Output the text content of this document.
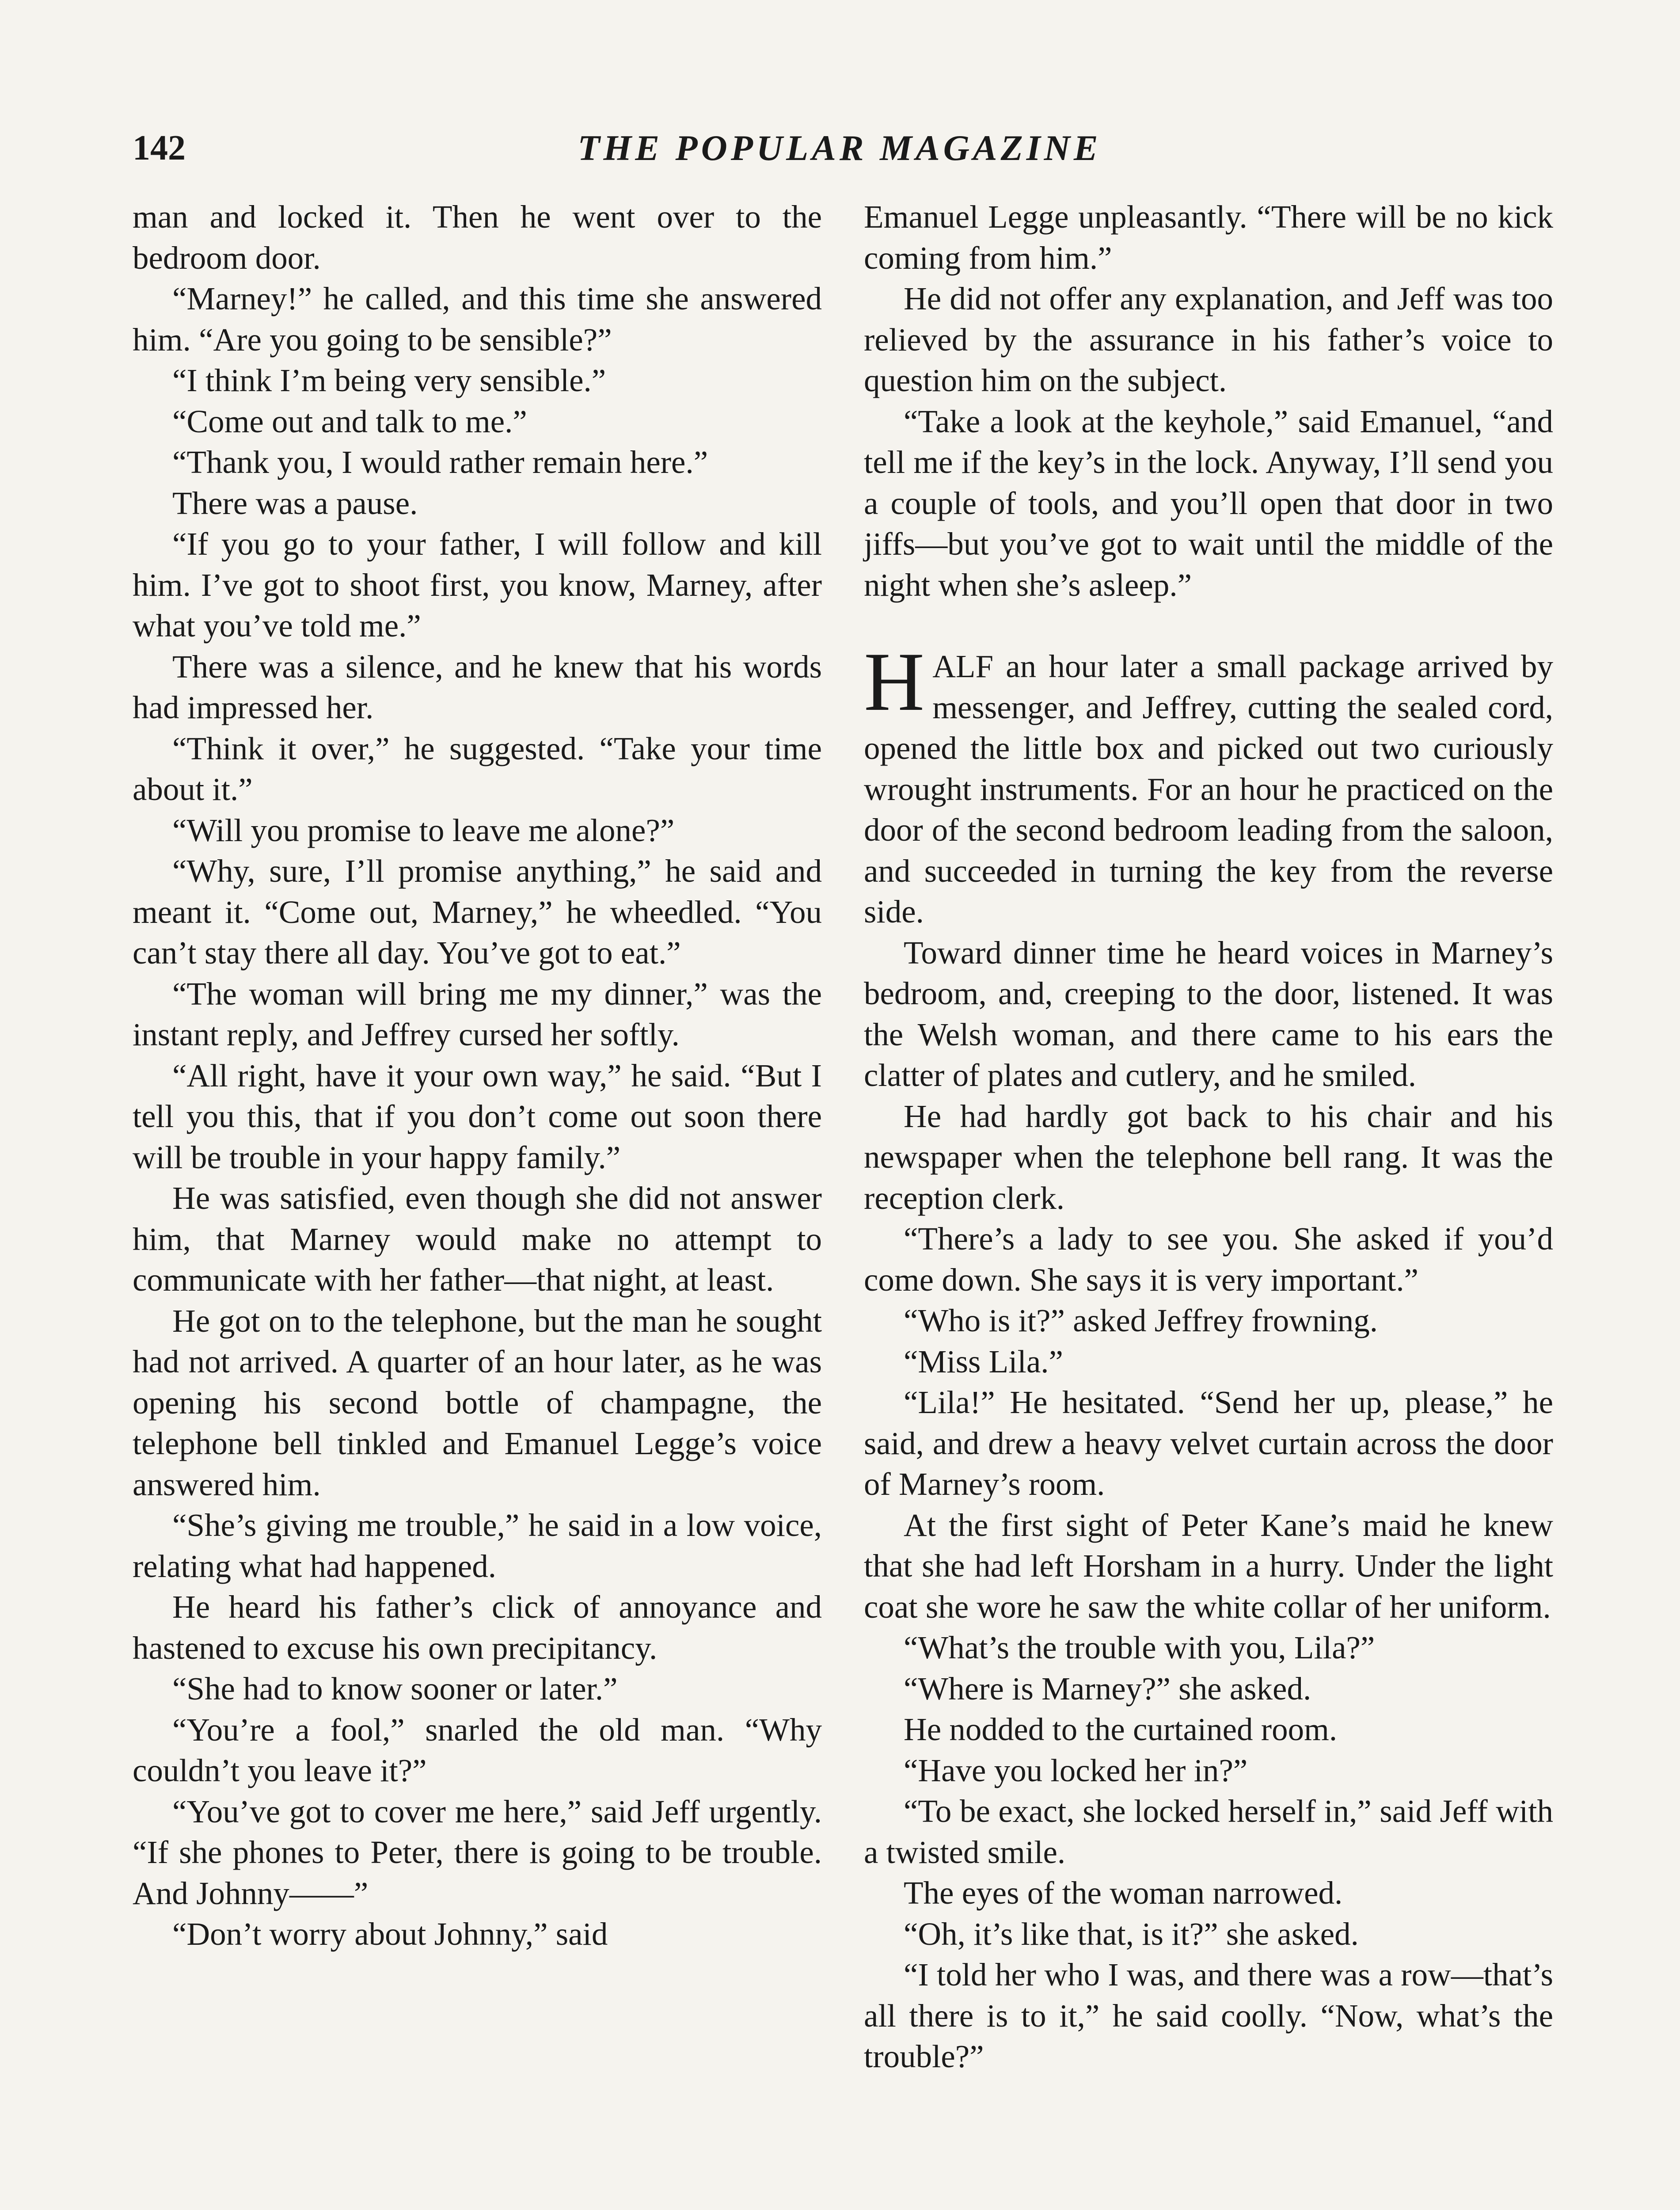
142	THE POPULAR MAGAZINE

man and locked it. Then he went over to the bedroom door.

“Marney!” he called, and this time she answered him. “Are you going to be sensible?”

“I think I’m being very sensible.”

“Come out and talk to me.”

“Thank you, I would rather remain here.”

There was a pause.

“If you go to your father, I will follow and kill him. I’ve got to shoot first, you know, Marney, after what you’ve told me.”

There was a silence, and he knew that his words had impressed her.

“Think it over,” he suggested. “Take your time about it.”

“Will you promise to leave me alone?”

“Why, sure, I’ll promise anything,” he said and meant it. “Come out, Marney,” he wheedled. “You can’t stay there all day. You’ve got to eat.”

“The woman will bring me my dinner,” was the instant reply, and Jeffrey cursed her softly.

“All right, have it your own way,” he said. “But I tell you this, that if you don’t come out soon there will be trouble in your happy family.”

He was satisfied, even though she did not answer him, that Marney would make no attempt to communicate with her father—that night, at least.

He got on to the telephone, but the man he sought had not arrived. A quarter of an hour later, as he was opening his second bottle of champagne, the telephone bell tinkled and Emanuel Legge’s voice answered him.

“She’s giving me trouble,” he said in a low voice, relating what had happened.

He heard his father’s click of annoyance and hastened to excuse his own precipitancy.

“She had to know sooner or later.”

“You’re a fool,” snarled the old man. “Why couldn’t you leave it?”

“You’ve got to cover me here,” said Jeff urgently. “If she phones to Peter, there is going to be trouble. And Johnny——”

“Don’t worry about Johnny,” said

Emanuel Legge unpleasantly. “There will be no kick coming from him.”

He did not offer any explanation, and Jeff was too relieved by the assurance in his father’s voice to question him on the subject.

“Take a look at the keyhole,” said Emanuel, “and tell me if the key’s in the lock. Anyway, I’ll send you a couple of tools, and you’ll open that door in two jiffs—but you’ve got to wait until the middle of the night when she’s asleep.”

HALF an hour later a small package arrived by messenger, and Jeffrey, cutting the sealed cord, opened the little box and picked out two curiously wrought instruments. For an hour he practiced on the door of the second bedroom leading from the saloon, and succeeded in turning the key from the reverse side.

Toward dinner time he heard voices in Marney’s bedroom, and, creeping to the door, listened. It was the Welsh woman, and there came to his ears the clatter of plates and cutlery, and he smiled.

He had hardly got back to his chair and his newspaper when the telephone bell rang. It was the reception clerk.

“There’s a lady to see you. She asked if you’d come down. She says it is very important.”

“Who is it?” asked Jeffrey frowning.

“Miss Lila.”

“Lila!” He hesitated. “Send her up, please,” he said, and drew a heavy velvet curtain across the door of Marney’s room.

At the first sight of Peter Kane’s maid he knew that she had left Horsham in a hurry. Under the light coat she wore he saw the white collar of her uniform.

“What’s the trouble with you, Lila?”

“Where is Marney?” she asked.

He nodded to the curtained room.

“Have you locked her in?”

“To be exact, she locked herself in,” said Jeff with a twisted smile.

The eyes of the woman narrowed.

“Oh, it’s like that, is it?” she asked.

“I told her who I was, and there was a row—that’s all there is to it,” he said coolly. “Now, what’s the trouble?”
